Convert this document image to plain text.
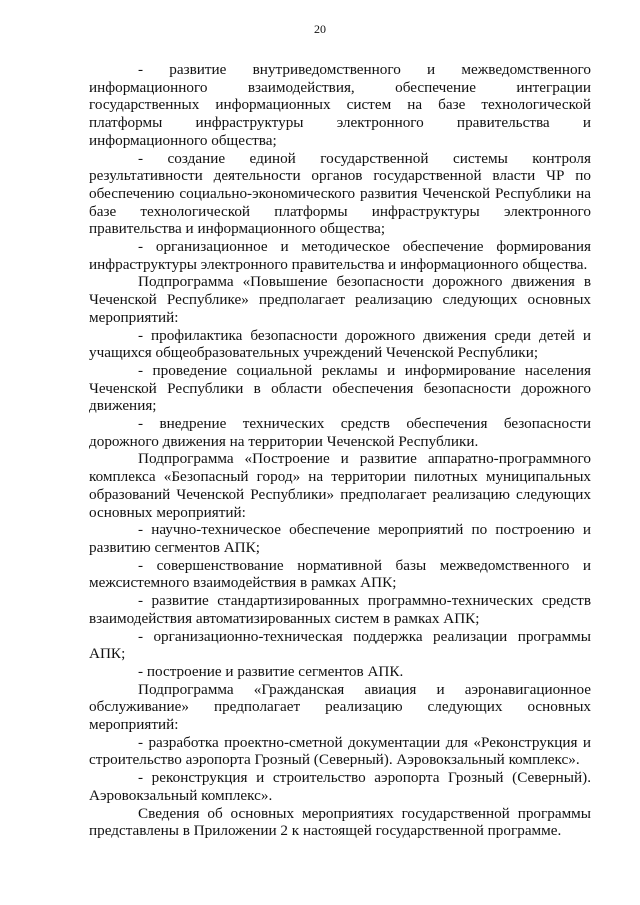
20

- развитие внутриведомственного и межведомственного информационного взаимодействия, обеспечение интеграции государственных информационных систем на базе технологической платформы инфраструктуры электронного правительства и информационного общества;

- создание единой государственной системы контроля результативности деятельности органов государственной власти ЧР по обеспечению социально-экономического развития Чеченской Республики на базе технологической платформы инфраструктуры электронного правительства и информационного общества;

- организационное и методическое обеспечение формирования инфраструктуры электронного правительства и информационного общества.

Подпрограмма «Повышение безопасности дорожного движения в Чеченской Республике» предполагает реализацию следующих основных мероприятий:

- профилактика безопасности дорожного движения среди детей и учащихся общеобразовательных учреждений Чеченской Республики;

- проведение социальной рекламы и информирование населения Чеченской Республики в области обеспечения безопасности дорожного движения;

- внедрение технических средств обеспечения безопасности дорожного движения на территории Чеченской Республики.

Подпрограмма «Построение и развитие аппаратно-программного комплекса «Безопасный город» на территории пилотных муниципальных образований Чеченской Республики» предполагает реализацию следующих основных мероприятий:

- научно-техническое обеспечение мероприятий по построению и развитию сегментов АПК;

- совершенствование нормативной базы межведомственного и межсистемного взаимодействия в рамках АПК;

- развитие стандартизированных программно-технических средств взаимодействия автоматизированных систем в рамках АПК;

- организационно-техническая поддержка реализации программы АПК;

- построение и развитие сегментов АПК.

Подпрограмма «Гражданская авиация и аэронавигационное обслуживание» предполагает реализацию следующих основных мероприятий:

- разработка проектно-сметной документации для «Реконструкция и строительство аэропорта Грозный (Северный). Аэровокзальный комплекс».

- реконструкция и строительство аэропорта Грозный (Северный). Аэровокзальный комплекс».

Сведения об основных мероприятиях государственной программы представлены в Приложении 2 к настоящей государственной программе.
